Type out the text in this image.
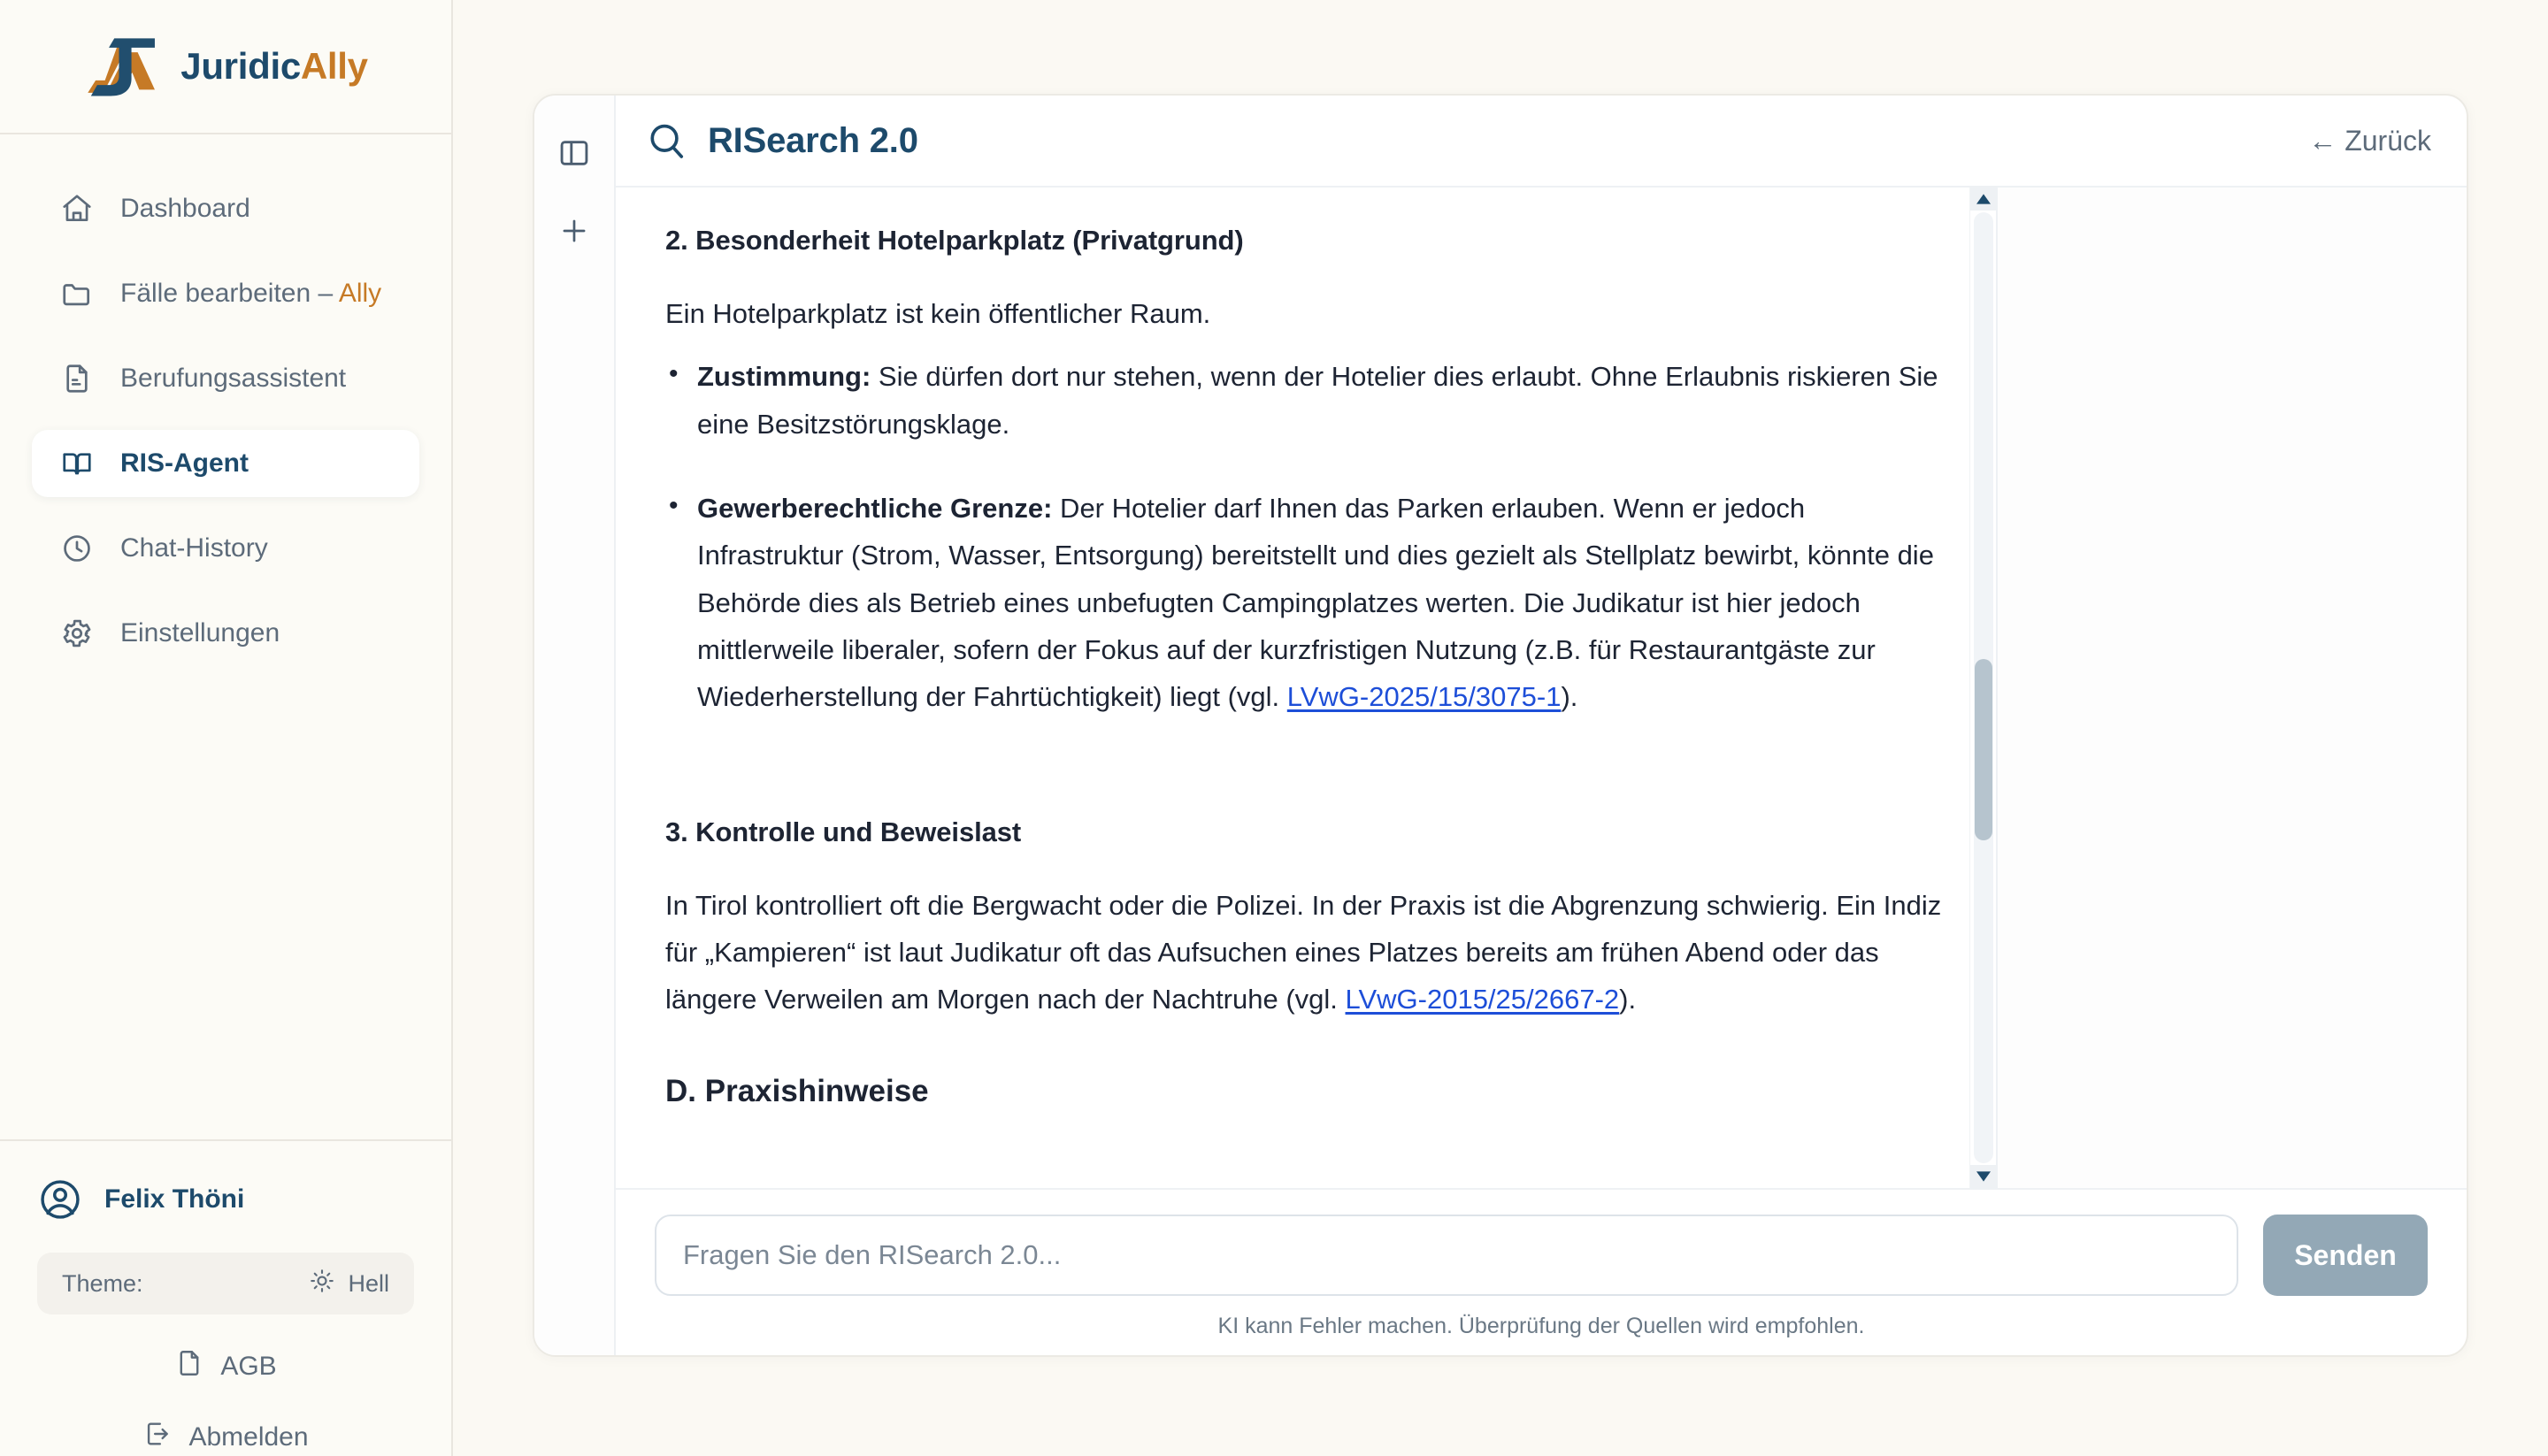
JuridicAlly
Dashboard
Fälle bearbeiten – Ally
Berufungsassistent
RIS-Agent
Chat-History
Einstellungen
Felix Thöni
Theme:	Hell
AGB
Abmelden
RISearch 2.0	← Zurück
2. Besonderheit Hotelparkplatz (Privatgrund)

Ein Hotelparkplatz ist kein öffentlicher Raum.

• Zustimmung: Sie dürfen dort nur stehen, wenn der Hotelier dies erlaubt. Ohne Erlaubnis riskieren Sie eine Besitzstörungsklage.
• Gewerberechtliche Grenze: Der Hotelier darf Ihnen das Parken erlauben. Wenn er jedoch Infrastruktur (Strom, Wasser, Entsorgung) bereitstellt und dies gezielt als Stellplatz bewirbt, könnte die Behörde dies als Betrieb eines unbefugten Campingplatzes werten. Die Judikatur ist hier jedoch mittlerweile liberaler, sofern der Fokus auf der kurzfristigen Nutzung (z.B. für Restaurantgäste zur Wiederherstellung der Fahrtüchtigkeit) liegt (vgl. LVwG-2025/15/3075-1).
3. Kontrolle und Beweislast

In Tirol kontrolliert oft die Bergwacht oder die Polizei. In der Praxis ist die Abgrenzung schwierig. Ein Indiz für „Kampieren“ ist laut Judikatur oft das Aufsuchen eines Platzes bereits am frühen Abend oder das längere Verweilen am Morgen nach der Nachtruhe (vgl. LVwG-2015/25/2667-2).

D. Praxishinweise
Fragen Sie den RISearch 2.0...
Senden
KI kann Fehler machen. Überprüfung der Quellen wird empfohlen.
